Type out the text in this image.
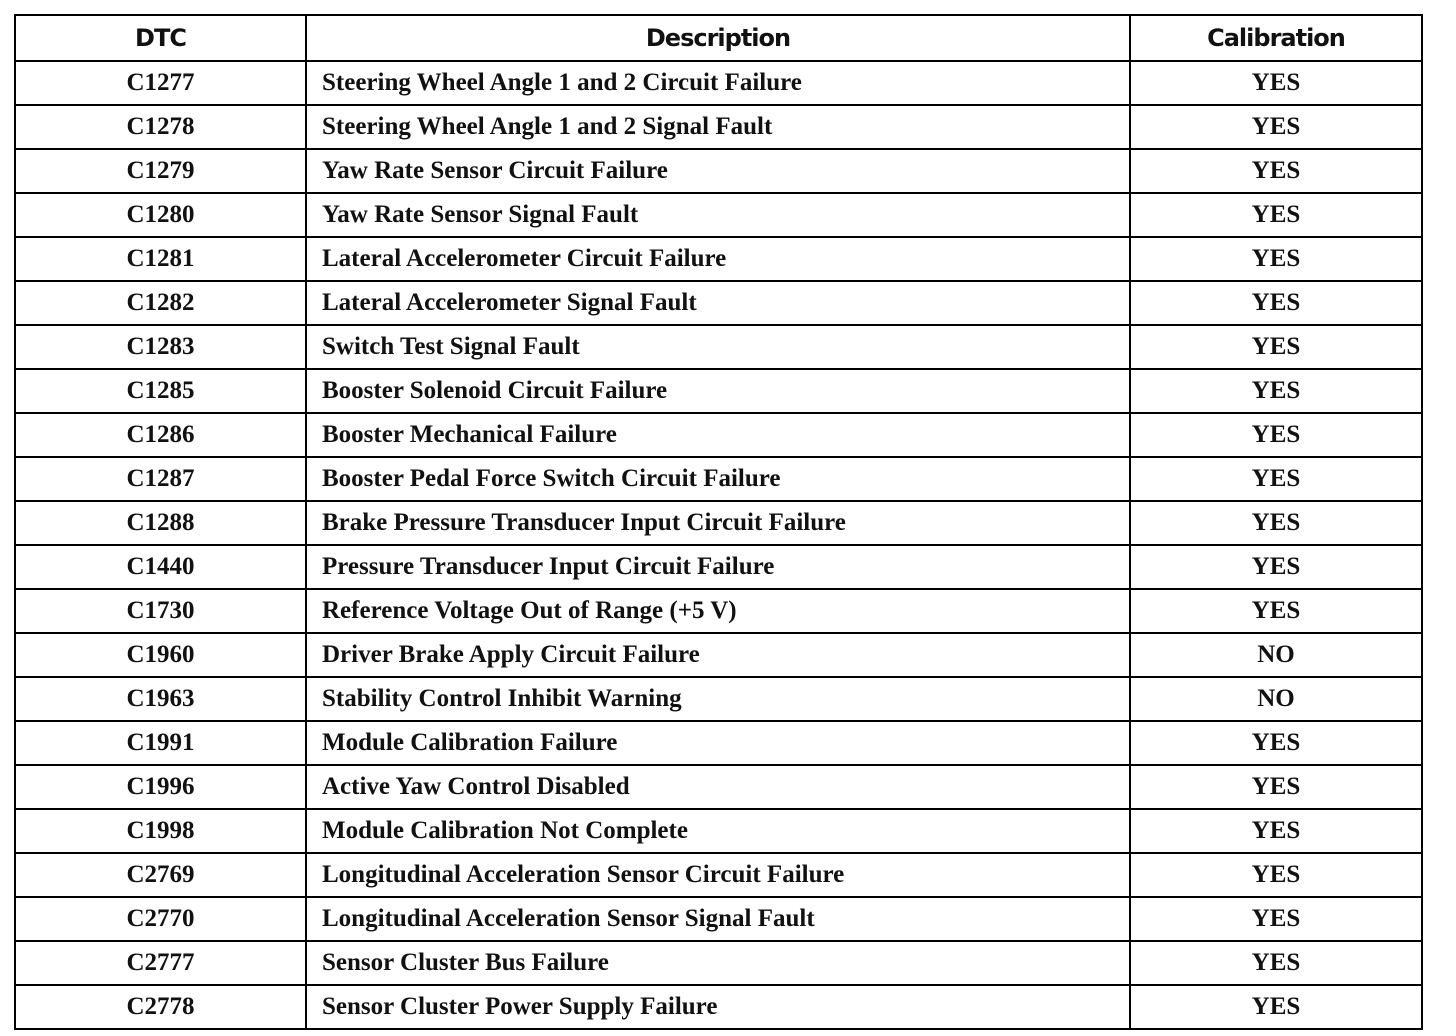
DTC	Description	Calibration
C1277	Steering Wheel Angle 1 and 2 Circuit Failure	YES
C1278	Steering Wheel Angle 1 and 2 Signal Fault	YES
C1279	Yaw Rate Sensor Circuit Failure	YES
C1280	Yaw Rate Sensor Signal Fault	YES
C1281	Lateral Accelerometer Circuit Failure	YES
C1282	Lateral Accelerometer Signal Fault	YES
C1283	Switch Test Signal Fault	YES
C1285	Booster Solenoid Circuit Failure	YES
C1286	Booster Mechanical Failure	YES
C1287	Booster Pedal Force Switch Circuit Failure	YES
C1288	Brake Pressure Transducer Input Circuit Failure	YES
C1440	Pressure Transducer Input Circuit Failure	YES
C1730	Reference Voltage Out of Range (+5 V)	YES
C1960	Driver Brake Apply Circuit Failure	NO
C1963	Stability Control Inhibit Warning	NO
C1991	Module Calibration Failure	YES
C1996	Active Yaw Control Disabled	YES
C1998	Module Calibration Not Complete	YES
C2769	Longitudinal Acceleration Sensor Circuit Failure	YES
C2770	Longitudinal Acceleration Sensor Signal Fault	YES
C2777	Sensor Cluster Bus Failure	YES
C2778	Sensor Cluster Power Supply Failure	YES
